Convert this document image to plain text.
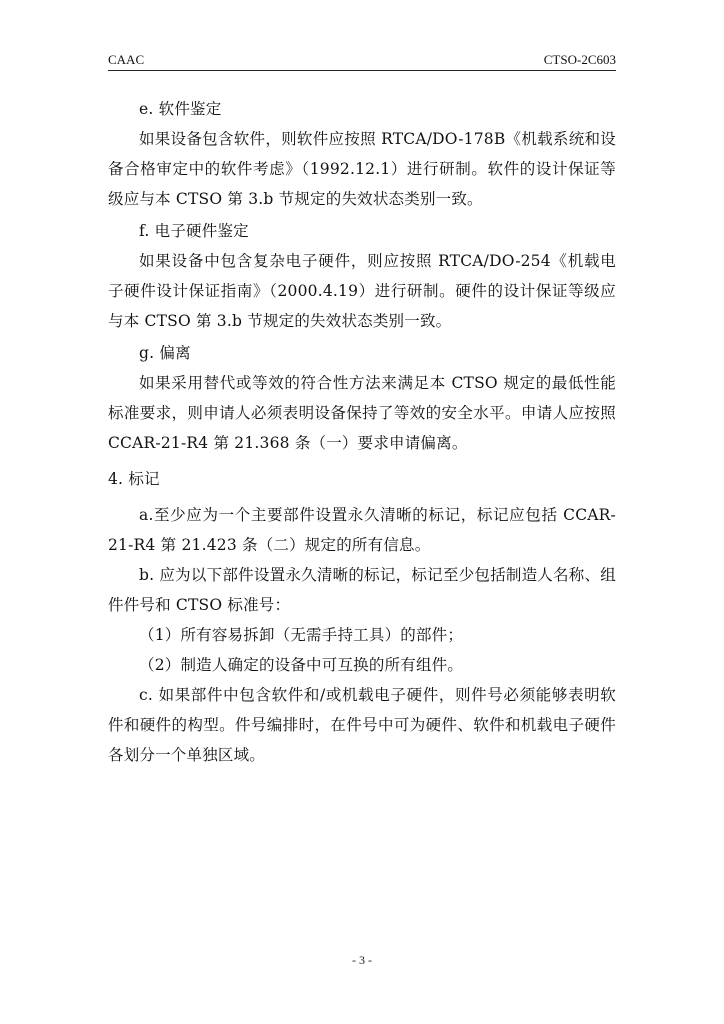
CAAC	CTSO-2C603

e. 软件鉴定

如果设备包含软件，则软件应按照 RTCA/DO-178B《机载系统和设备合格审定中的软件考虑》（1992.12.1）进行研制。软件的设计保证等级应与本 CTSO 第 3.b 节规定的失效状态类别一致。

f. 电子硬件鉴定

如果设备中包含复杂电子硬件，则应按照 RTCA/DO-254《机载电子硬件设计保证指南》（2000.4.19）进行研制。硬件的设计保证等级应与本 CTSO 第 3.b 节规定的失效状态类别一致。

g. 偏离

如果采用替代或等效的符合性方法来满足本 CTSO 规定的最低性能标准要求，则申请人必须表明设备保持了等效的安全水平。申请人应按照 CCAR-21-R4 第 21.368 条（一）要求申请偏离。

4. 标记

a.至少应为一个主要部件设置永久清晰的标记，标记应包括 CCAR-21-R4 第 21.423 条（二）规定的所有信息。

b. 应为以下部件设置永久清晰的标记，标记至少包括制造人名称、组件件号和 CTSO 标准号：

（1）所有容易拆卸（无需手持工具）的部件；

（2）制造人确定的设备中可互换的所有组件。

c. 如果部件中包含软件和/或机载电子硬件，则件号必须能够表明软件和硬件的构型。件号编排时，在件号中可为硬件、软件和机载电子硬件各划分一个单独区域。

- 3 -
